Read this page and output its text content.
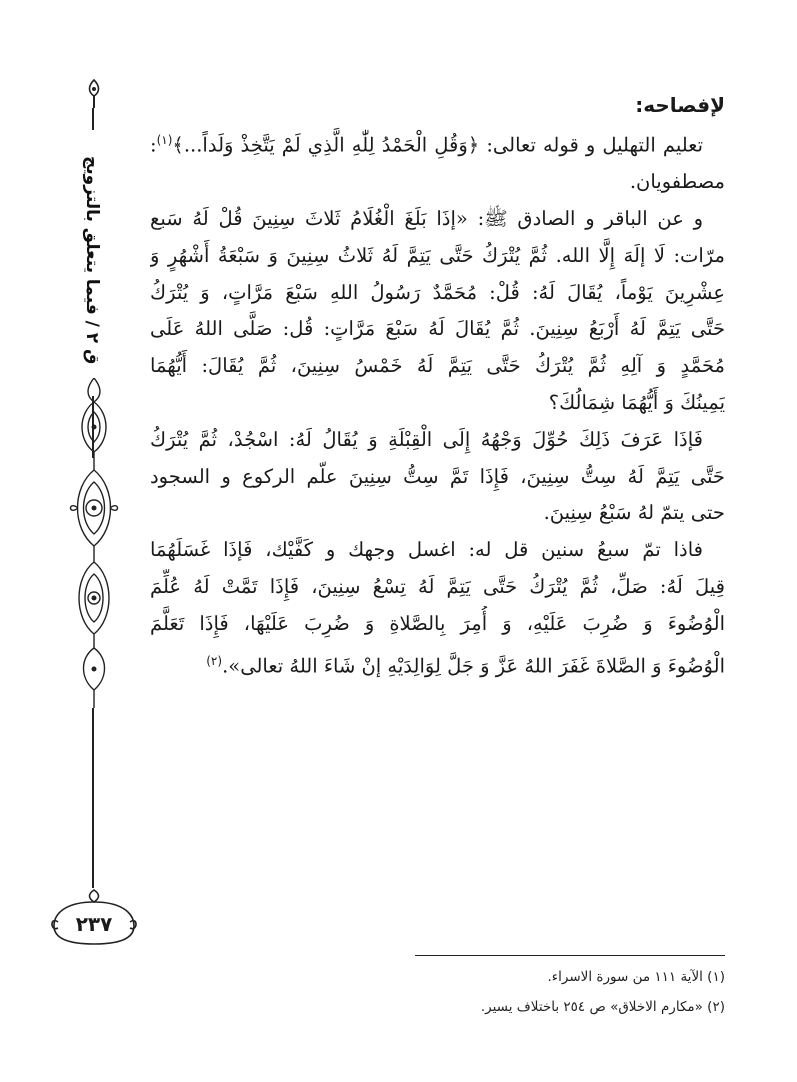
ق ٢ / فيما يتعلق بالتزويج
٢٣٧
لإفصاحه:
تعليم التهليل و قوله تعالى: ﴿وَقُلِ الْحَمْدُ لِلّٰهِ الَّذِي لَمْ يَتَّخِذْ وَلَداً...﴾$^{(١)}$:
مصطفويان.
و عن الباقر و الصادق ﷺ: «إذَا بَلَغَ الْغُلَامُ ثَلاثَ سِنِينَ قُلْ لَهُ سَبع
مرّات: لَا إلَهَ إِلَّا الله. ثُمَّ يُتْرَكُ حَتَّى يَتِمَّ لَهُ ثَلاثُ سِنِينَ وَ سَبْعَةُ أَشْهُرٍ وَ
عِشْرِينَ يَوْماً، يُقَالَ لَهُ: قُلْ: مُحَمَّدٌ رَسُولُ اللهِ سَبْعَ مَرَّاتٍ، وَ يُتْرَكُ
حَتَّى يَتِمَّ لَهُ أَرْبَعُ سِنِينَ. ثُمَّ يُقَالَ لَهُ سَبْعَ مَرَّاتٍ: قُل: صَلَّى اللهُ عَلَى
مُحَمَّدٍ وَ آلِهِ ثُمَّ يُتْرَكُ حَتَّى يَتِمَّ لَهُ خَمْسُ سِنِينَ، ثُمَّ يُقَالَ: أَيُّهُمَا
يَمِينُكَ وَ أَيُّهُمَا شِمَالُكَ؟
فَإذَا عَرَفَ ذَلِكَ حُوِّلَ وَجْهُهُ إِلَى الْقِبْلَةِ وَ يُقَالُ لَهُ: اسْجُدْ، ثُمَّ يُتْرَكُ
حَتَّى يَتِمَّ لَهُ سِتُّ سِنِينَ، فَإِذَا تَمَّ سِتُّ سِنِينَ علّم الركوع و السجود
حتى يتمّ لهُ سَبْعُ سِنِينَ.
فاذا تمّ سبعُ سنين قل له: اغسل وجهك و كَفَّيْك، فَإذَا غَسَلَهُمَا
قِيلَ لَهُ: صَلِّ، ثُمَّ يُتْرَكُ حَتَّى يَتِمَّ لَهُ تِسْعُ سِنِينَ، فَإِذَا تَمَّتْ لَهُ عُلِّمَ
الْوُضُوءَ وَ ضُرِبَ عَلَيْهِ، وَ أُمِرَ بِالصَّلاةِ وَ ضُرِبَ عَلَيْهَا، فَإِذَا تَعَلَّمَ
الْوُضُوءَ وَ الصَّلاةَ غَفَرَ اللهُ عَزَّ وَ جَلَّ لِوَالِدَيْهِ إنْ شَاءَ اللهُ تعالى».$^{(٢)}$
(١) الآية ١١١ من سورة الاسراء.
(٢) «مكارم الاخلاق» ص ٢٥٤ باختلاف يسير.
